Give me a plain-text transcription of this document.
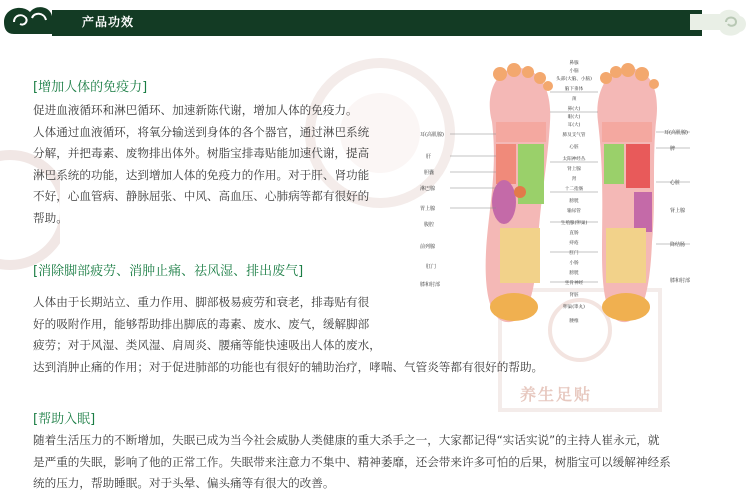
产品功效
[增加人体的免疫力]

促进血液循环和淋巴循环、加速新陈代谢，增加人体的免疫力。

人体通过血液循环，将氧分输送到身体的各个器官，通过淋巴系统

分解，并把毒素、废物排出体外。树脂宝排毒贴能加速代谢，提高

淋巴系统的功能，达到增加人体的免疫力的作用。对于肝、肾功能

不好，心血管病、静脉屈张、中风、高血压、心肺病等都有很好的

帮助。

[消除脚部疲劳、消肿止痛、祛风湿、排出废气]

人体由于长期站立、重力作用、脚部极易疲劳和衰老，排毒贴有很

好的吸附作用，能够帮助排出脚底的毒素、废水、废气，缓解脚部

疲劳；对于风湿、类风湿、肩周炎、腰痛等能快速吸出人体的废水，

达到消肿止痛的作用；对于促进肺部的功能也有很好的辅助治疗，哮喘、气管炎等都有很好的帮助。

[帮助入眠]

随着生活压力的不断增加，失眠已成为当今社会威胁人类健康的重大杀手之一，大家都记得“实话实说”的主持人崔永元，就

是严重的失眠，影响了他的正常工作。失眠带来注意力不集中、精神萎靡，还会带来许多可怕的后果，树脂宝可以缓解神经系

统的压力，帮助睡眠。对于头晕、偏头痛等有很大的改善。

耳(高肌腺)
肝
胆囊
淋巴腺
胃上腺
腹腔
前列腺
肛门
膝和肘部
鼻腺
小脑
头部(大脑、小脑)
脑下垂体
颈
鼻(大)
眼(大)
耳(大)
肺及支气管
心脏
太阳神经丛
肾上腺
肾
十二指肠
膀胱
输尿管
生殖腺(卵巢)
直肠
痔疮
肛门
小肠
膀胱
坐骨神经
肾脏
卵巢(睾丸)
腰椎
耳(高肌腺)
脾
心脏
肾上腺
降结肠
膝和肘部
养生足贴
